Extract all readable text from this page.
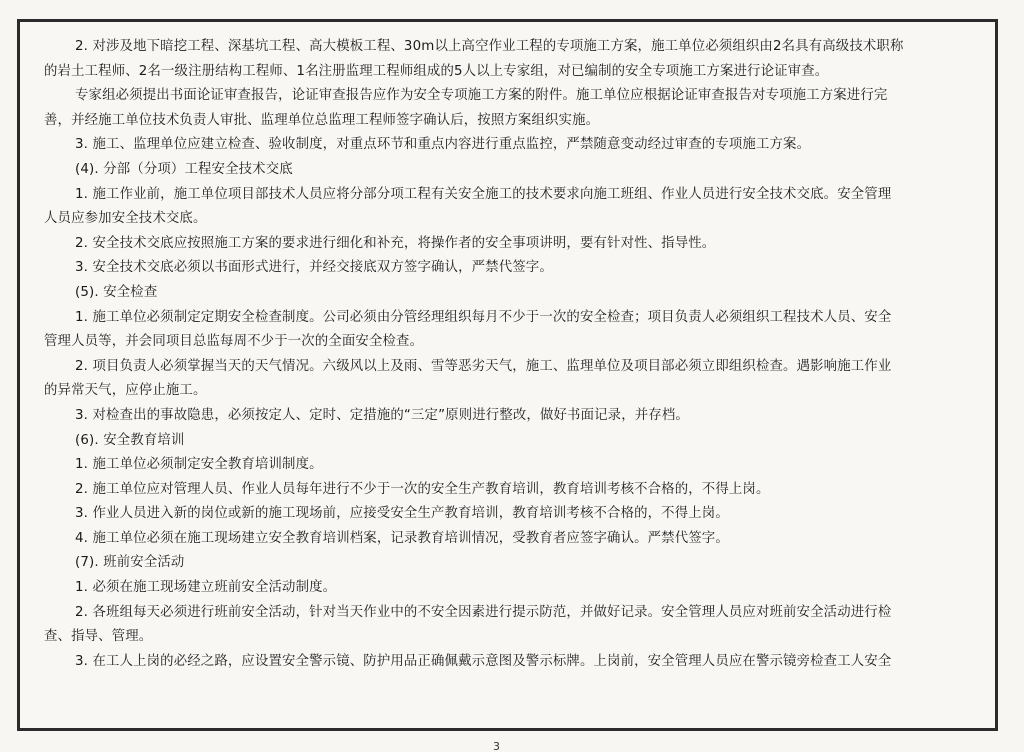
2. 对涉及地下暗挖工程、深基坑工程、高大模板工程、30m以上高空作业工程的专项施工方案，施工单位必须组织由2名具有高级技术职称
的岩土工程师、2名一级注册结构工程师、1名注册监理工程师组成的5人以上专家组，对已编制的安全专项施工方案进行论证审查。
专家组必须提出书面论证审查报告，论证审查报告应作为安全专项施工方案的附件。施工单位应根据论证审查报告对专项施工方案进行完
善，并经施工单位技术负责人审批、监理单位总监理工程师签字确认后，按照方案组织实施。
3. 施工、监理单位应建立检查、验收制度，对重点环节和重点内容进行重点监控，严禁随意变动经过审查的专项施工方案。
(4). 分部（分项）工程安全技术交底
1. 施工作业前，施工单位项目部技术人员应将分部分项工程有关安全施工的技术要求向施工班组、作业人员进行安全技术交底。安全管理
人员应参加安全技术交底。
2. 安全技术交底应按照施工方案的要求进行细化和补充，将操作者的安全事项讲明，要有针对性、指导性。
3. 安全技术交底必须以书面形式进行，并经交接底双方签字确认，严禁代签字。
(5). 安全检查
1. 施工单位必须制定定期安全检查制度。公司必须由分管经理组织每月不少于一次的安全检查；项目负责人必须组织工程技术人员、安全
管理人员等，并会同项目总监每周不少于一次的全面安全检查。
2. 项目负责人必须掌握当天的天气情况。六级风以上及雨、雪等恶劣天气，施工、监理单位及项目部必须立即组织检查。遇影响施工作业
的异常天气，应停止施工。
3. 对检查出的事故隐患，必须按定人、定时、定措施的“三定”原则进行整改，做好书面记录，并存档。
(6). 安全教育培训
1. 施工单位必须制定安全教育培训制度。
2. 施工单位应对管理人员、作业人员每年进行不少于一次的安全生产教育培训，教育培训考核不合格的，不得上岗。
3. 作业人员进入新的岗位或新的施工现场前，应接受安全生产教育培训，教育培训考核不合格的，不得上岗。
4. 施工单位必须在施工现场建立安全教育培训档案，记录教育培训情况，受教育者应签字确认。严禁代签字。
(7). 班前安全活动
1. 必须在施工现场建立班前安全活动制度。
2. 各班组每天必须进行班前安全活动，针对当天作业中的不安全因素进行提示防范，并做好记录。安全管理人员应对班前安全活动进行检
查、指导、管理。
3. 在工人上岗的必经之路，应设置安全警示镜、防护用品正确佩戴示意图及警示标牌。上岗前，安全管理人员应在警示镜旁检查工人安全
3
